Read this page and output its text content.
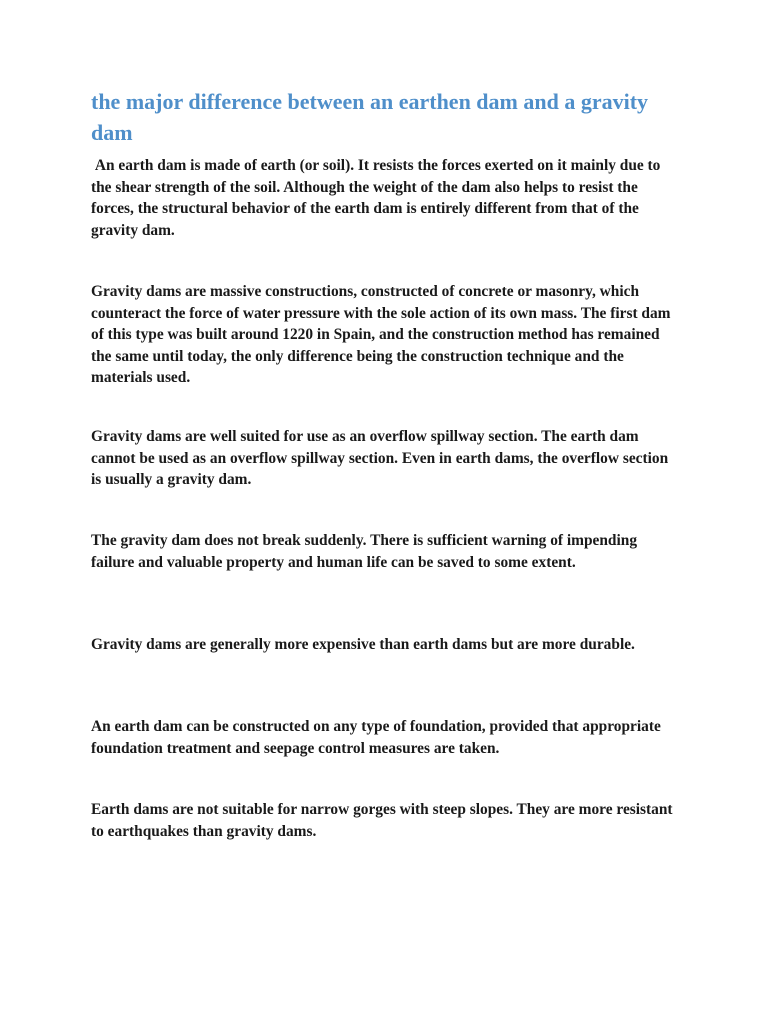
the major difference between an earthen dam and a gravity dam

An earth dam is made of earth (or soil). It resists the forces exerted on it mainly due to the shear strength of the soil. Although the weight of the dam also helps to resist the forces, the structural behavior of the earth dam is entirely different from that of the gravity dam.

Gravity dams are massive constructions, constructed of concrete or masonry, which counteract the force of water pressure with the sole action of its own mass. The first dam of this type was built around 1220 in Spain, and the construction method has remained the same until today, the only difference being the construction technique and the materials used.

Gravity dams are well suited for use as an overflow spillway section. The earth dam cannot be used as an overflow spillway section. Even in earth dams, the overflow section is usually a gravity dam.

The gravity dam does not break suddenly. There is sufficient warning of impending failure and valuable property and human life can be saved to some extent.

Gravity dams are generally more expensive than earth dams but are more durable.

An earth dam can be constructed on any type of foundation, provided that appropriate foundation treatment and seepage control measures are taken.

Earth dams are not suitable for narrow gorges with steep slopes. They are more resistant to earthquakes than gravity dams.
